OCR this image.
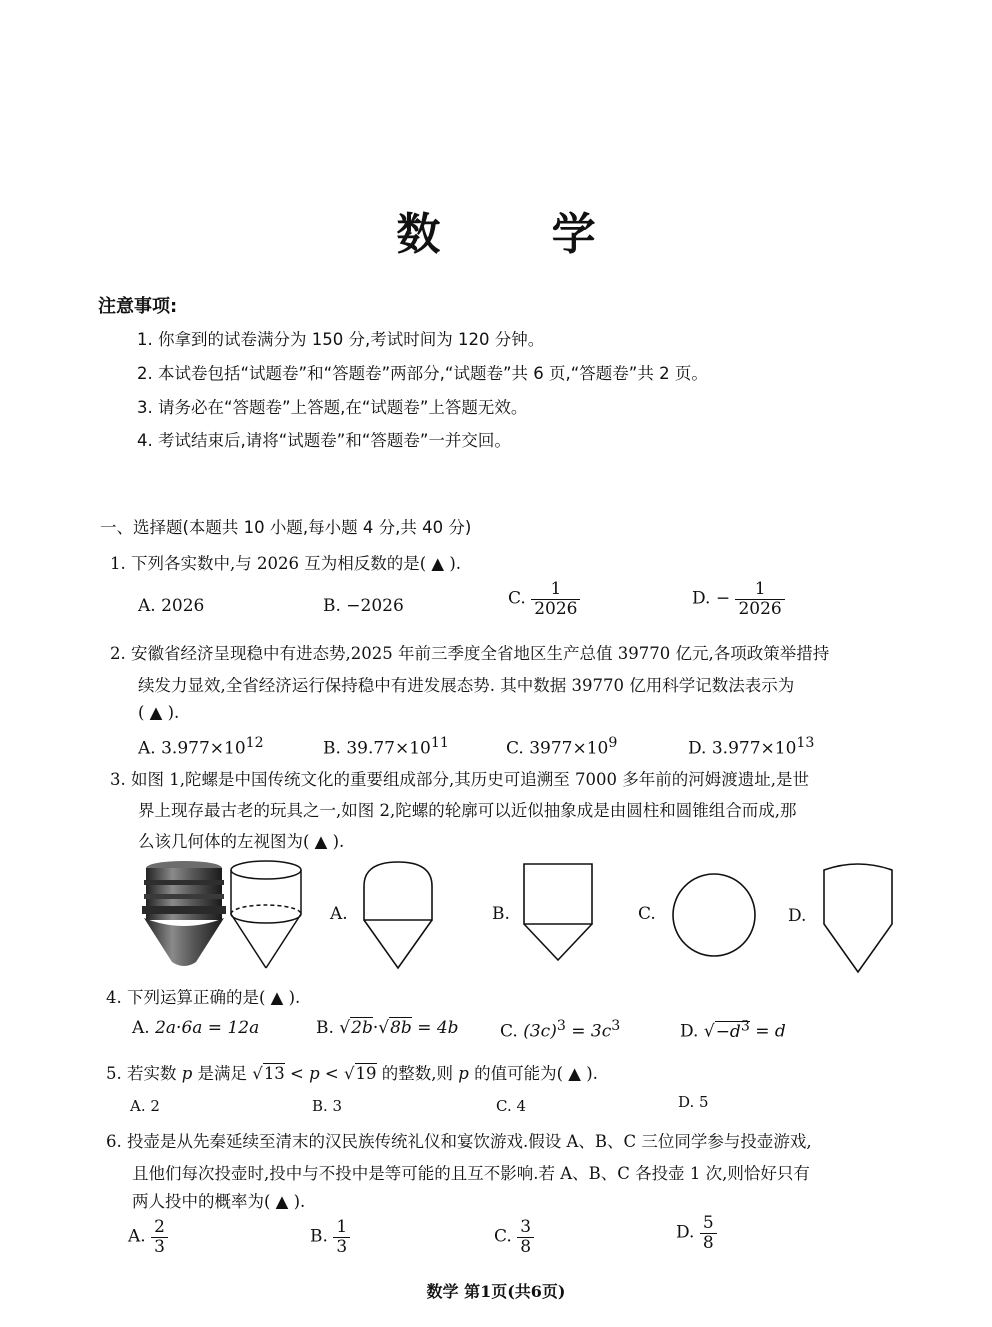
数 学
注意事项:
1. 你拿到的试卷满分为 150 分,考试时间为 120 分钟。
2. 本试卷包括“试题卷”和“答题卷”两部分,“试题卷”共 6 页,“答题卷”共 2 页。
3. 请务必在“答题卷”上答题,在“试题卷”上答题无效。
4. 考试结束后,请将“试题卷”和“答题卷”一并交回。
一、选择题(本题共 10 小题,每小题 4 分,共 40 分)
1. 下列各实数中,与 2026 互为相反数的是( ▲ ).
A. 2026	B. −2026	C. $\frac{1}{2026}$	D. − $\frac{1}{2026}$
2. 安徽省经济呈现稳中有进态势,2025 年前三季度全省地区生产总值 39770 亿元,各项政策举措持
续发力显效,全省经济运行保持稳中有进发展态势. 其中数据 39770 亿用科学记数法表示为
( ▲ ).
A. $3.977\times 10^{12}$	B. $39.77\times 10^{11}$	C. $3977\times 10^9$	D. $3.977\times 10^{13}$
3. 如图 1,陀螺是中国传统文化的重要组成部分,其历史可追溯至 7000 多年前的河姆渡遗址,是世
界上现存最古老的玩具之一,如图 2,陀螺的轮廓可以近似抽象成是由圆柱和圆锥组合而成,那
么该几何体的左视图为( ▲ ).
A.	B.	C.	D.
4. 下列运算正确的是( ▲ ).
A. 2a·6a = 12a	B. √2b·√8b = 4b C. $(3c)^3 = 3c^3$	D. $√-d^3 = d$
5. 若实数 p 是满足 √13 < p < √19 的整数,则 p 的值可能为( ▲ ).
A. 2	B. 3	C. 4	D. 5
6. 投壶是从先秦延续至清末的汉民族传统礼仪和宴饮游戏.假设 A、B、C 三位同学参与投壶游戏,
且他们每次投壶时,投中与不投中是等可能的且互不影响.若 A、B、C 各投壶 1 次,则恰好只有
两人投中的概率为( ▲ ).
A. $\frac{2}{3}$	B. $\frac{1}{3}$	C. $\frac{3}{8}$	D. $\frac{5}{8}$
数学 第1页(共6页)
